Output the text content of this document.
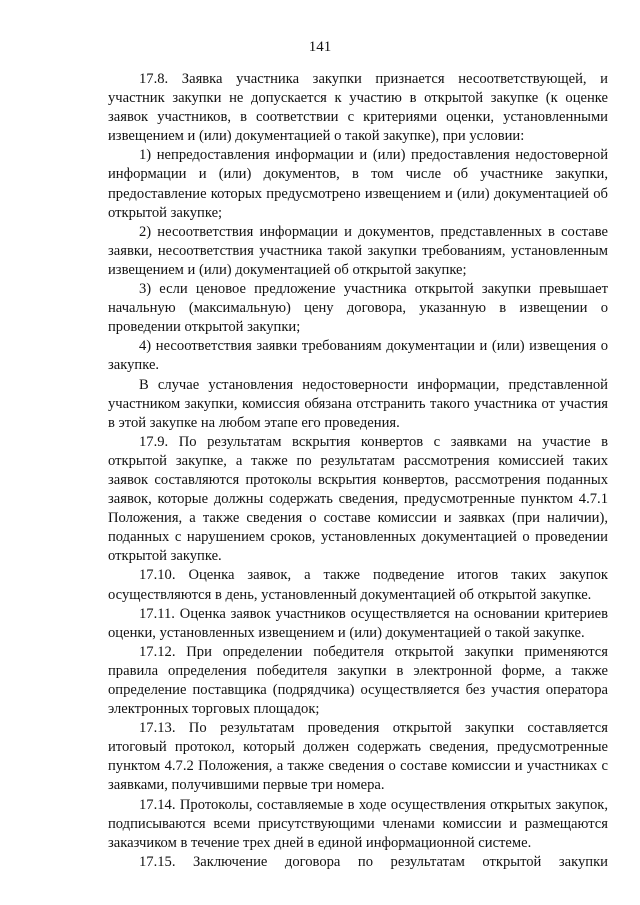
141

17.8. Заявка участника закупки признается несоответствующей, и участник закупки не допускается к участию в открытой закупке (к оценке заявок участников, в соответствии с критериями оценки, установленными извещением и (или) документацией о такой закупке), при условии:

1) непредоставления информации и (или) предоставления недостоверной информации и (или) документов, в том числе об участнике закупки, предоставление которых предусмотрено извещением и (или) документацией об открытой закупке;

2) несоответствия информации и документов, представленных в составе заявки, несоответствия участника такой закупки требованиям, установленным извещением и (или) документацией об открытой закупке;

3) если ценовое предложение участника открытой закупки превышает начальную (максимальную) цену договора, указанную в извещении о проведении открытой закупки;

4) несоответствия заявки требованиям документации и (или) извещения о закупке.

В случае установления недостоверности информации, представленной участником закупки, комиссия обязана отстранить такого участника от участия в этой закупке на любом этапе его проведения.

17.9. По результатам вскрытия конвертов с заявками на участие в открытой закупке, а также по результатам рассмотрения комиссией таких заявок составляются протоколы вскрытия конвертов, рассмотрения поданных заявок, которые должны содержать сведения, предусмотренные пунктом 4.7.1 Положения, а также сведения о составе комиссии и заявках (при наличии), поданных с нарушением сроков, установленных документацией о проведении открытой закупке.

17.10. Оценка заявок, а также подведение итогов таких закупок осуществляются в день, установленный документацией об открытой закупке.

17.11. Оценка заявок участников осуществляется на основании критериев оценки, установленных извещением и (или) документацией о такой закупке.

17.12. При определении победителя открытой закупки применяются правила определения победителя закупки в электронной форме, а также определение поставщика (подрядчика) осуществляется без участия оператора электронных торговых площадок;

17.13. По результатам проведения открытой закупки составляется итоговый протокол, который должен содержать сведения, предусмотренные пунктом 4.7.2 Положения, а также сведения о составе комиссии и участниках с заявками, получившими первые три номера.

17.14. Протоколы, составляемые в ходе осуществления открытых закупок, подписываются всеми присутствующими членами комиссии и размещаются заказчиком в течение трех дней в единой информационной системе.

17.15. Заключение договора по результатам открытой закупки
